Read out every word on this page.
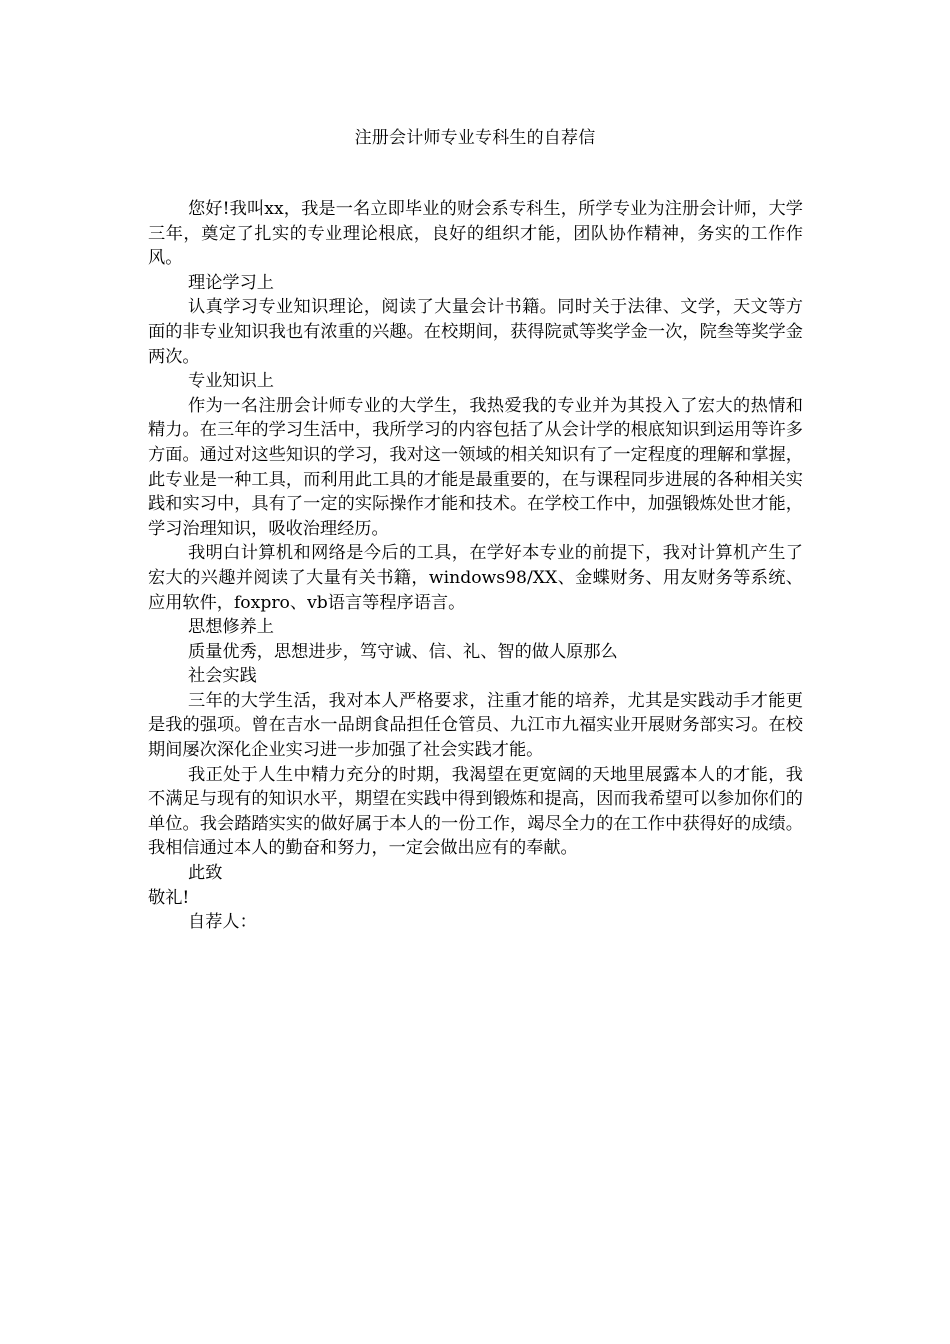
注册会计师专业专科生的自荐信

您好!我叫xx，我是一名立即毕业的财会系专科生，所学专业为注册会计师，大学三年，奠定了扎实的专业理论根底，良好的组织才能，团队协作精神，务实的工作作风。

理论学习上

认真学习专业知识理论，阅读了大量会计书籍。同时关于法律、文学，天文等方面的非专业知识我也有浓重的兴趣。在校期间，获得院贰等奖学金一次，院叁等奖学金两次。

专业知识上

作为一名注册会计师专业的大学生，我热爱我的专业并为其投入了宏大的热情和精力。在三年的学习生活中，我所学习的内容包括了从会计学的根底知识到运用等许多方面。通过对这些知识的学习，我对这一领域的相关知识有了一定程度的理解和掌握，此专业是一种工具，而利用此工具的才能是最重要的，在与课程同步进展的各种相关实践和实习中，具有了一定的实际操作才能和技术。在学校工作中，加强锻炼处世才能，学习治理知识，吸收治理经历。

我明白计算机和网络是今后的工具，在学好本专业的前提下，我对计算机产生了宏大的兴趣并阅读了大量有关书籍，windows98/XX、金蝶财务、用友财务等系统、应用软件，foxpro、vb语言等程序语言。

思想修养上

质量优秀，思想进步，笃守诚、信、礼、智的做人原那么

社会实践

三年的大学生活，我对本人严格要求，注重才能的培养，尤其是实践动手才能更是我的强项。曾在吉水一品朗食品担任仓管员、九江市九福实业开展财务部实习。在校期间屡次深化企业实习进一步加强了社会实践才能。

我正处于人生中精力充分的时期，我渴望在更宽阔的天地里展露本人的才能，我不满足与现有的知识水平，期望在实践中得到锻炼和提高，因而我希望可以参加你们的单位。我会踏踏实实的做好属于本人的一份工作，竭尽全力的在工作中获得好的成绩。我相信通过本人的勤奋和努力，一定会做出应有的奉献。

此致

敬礼!

自荐人：
